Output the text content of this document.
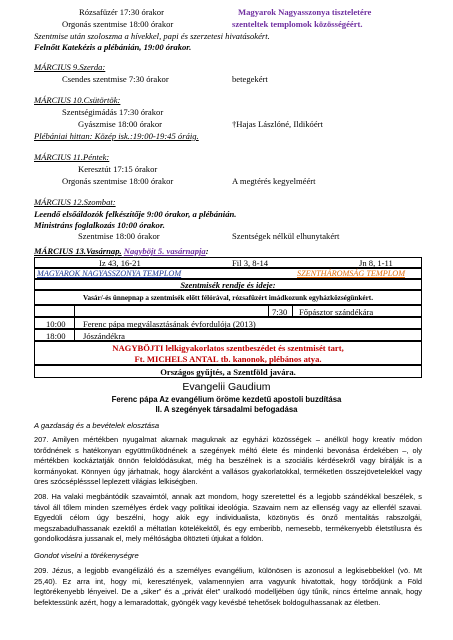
Rózsafüzér 17:30 órakor	Magyarok Nagyasszonya tiszteletére
Orgonás szentmise 18:00 órakor	szenteltek templomok közösségéért.
Szentmise után szoloszma a hívekkel, papi és szerzetesi hivatásokért.
Felnőtt Katekézis a plébánián, 19:00 órakor.
MÁRCIUS 9.Szerda:
Csendes szentmise 7:30 órakor	betegekért
MÁRCIUS 10.Csütörtök:
Szentségimádás 17:30 órakor
Gyászmise 18:00 órakor	†Hajas Lászlóné, Ildikóért
Plébániai hittan: Közép isk.:19:00-19:45 óráig.
MÁRCIUS 11.Péntek:
Keresztút 17:15 órakor
Orgonás szentmise 18:00 órakor	A megtérés kegyelméért
MÁRCIUS 12.Szombat:
Leendő elsőáldozók felkészítője 9:00 órakor, a plébánián.
Ministráns foglalkozás 10:00 órakor.
Szentmise 18:00 órakor	Szentségek nélkül elhunytakért
MÁRCIUS 13.Vasárnap. Nagyböjt 5. vasárnapja:
Iz 43, 16-21	Fil 3, 8-14	Jn 8, 1-11
MAGYAROK NAGYASSZONYA TEMPLOM	SZENTHÁROMSÁG TEMPLOM
Szentmisék rendje és ideje:
Vasár/-és ünnepnap a szentmisék előtt félórával, rózsafüzért imádkozunk egyházközségünkért.
7:30 Főpásztor szándékára
10:00 Ferenc pápa megválasztásának évfordulója (2013)
18:00 Jószándékra
NAGYBÖJTI lelkigyakorlatos szentbeszédet és szentmisét tart,
Ft. MICHELS ANTAL tb. kanonok, plébános atya.
Országos gyűjtés, a Szentföld javára.
Evangelii Gaudium
Ferenc pápa Az evangélium öröme kezdetű apostoli buzdítása
II. A szegények társadalmi befogadása
A gazdaság és a bevételek elosztása
207. Amilyen mértékben nyugalmat akarnak maguknak az egyházi közösségek – anélkül hogy kreatív módon törődnének s hatékonyan együttműködnének a szegények méltó élete és mindenki bevonása érdekében –, oly mértékben kockáztatják önnön feloldódásukat, még ha beszélnek is a szociális kérdésekről vagy bírálják is a kormányokat. Könnyen úgy járhatnak, hogy álarcként a vallásos gyakorlatokkal, terméketlen összejövetelekkel vagy üres szócséplésssel leplezett világias lelkiségben.
208. Ha valaki megbántódik szavaimtól, annak azt mondom, hogy szeretettel és a legjobb szándékkal beszélek, s távol áll tőlem minden személyes érdek vagy politikai ideológia. Szavaim nem az ellenség vagy az ellenfél szavai. Egyedüli célom úgy beszélni, hogy akik egy individualista, közönyös és önző mentalitás rabszolgái, megszabadulhassanak ezektől a méltatlan kötelékektől, és egy emberibb, nemesebb, termékenyebb életstílusra és gondolkodásra jussanak el, mely méltóságba öltözteti útjukat a földön.
Gondot viselni a törékenységre
209. Jézus, a legjobb evangélizáló és a személyes evangélium, különösen is azonosul a legkisebbekkel (vö. Mt 25,40). Ez arra int, hogy mi, keresztények, valamennyien arra vagyunk hivatottak, hogy törődjünk a Föld legtörékenyebb lényeivel. De a „siker” és a „privát élet” uralkodó modelljében úgy tűnik, nincs értelme annak, hogy befektessünk azért, hogy a lemaradottak, gyöngék vagy kevésbé tehetősek boldogulhassanak az életben.
